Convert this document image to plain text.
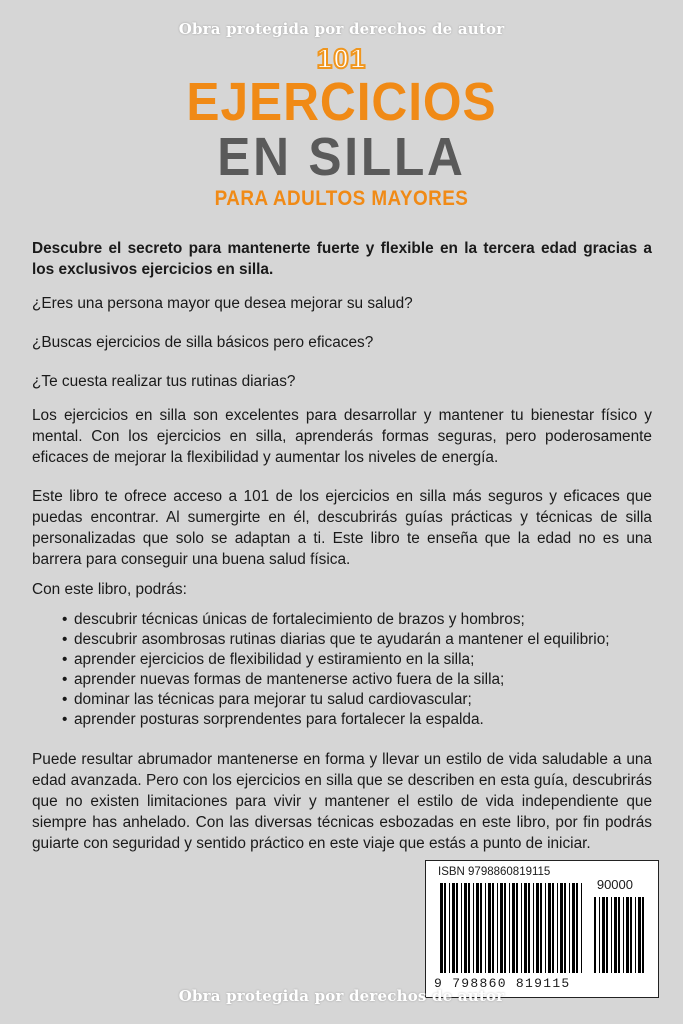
Obra protegida por derechos de autor
101
EJERCICIOS
EN SILLA
PARA ADULTOS MAYORES
Descubre el secreto para mantenerte fuerte y flexible en la tercera edad gracias a los exclusivos ejercicios en silla.
¿Eres una persona mayor que desea mejorar su salud?
¿Buscas ejercicios de silla básicos pero eficaces?
¿Te cuesta realizar tus rutinas diarias?
Los ejercicios en silla son excelentes para desarrollar y mantener tu bienestar físico y mental. Con los ejercicios en silla, aprenderás formas seguras, pero poderosamente eficaces de mejorar la flexibilidad y aumentar los niveles de energía.
Este libro te ofrece acceso a 101 de los ejercicios en silla más seguros y eficaces que puedas encontrar. Al sumergirte en él, descubrirás guías prácticas y técnicas de silla personalizadas que solo se adaptan a ti. Este libro te enseña que la edad no es una barrera para conseguir una buena salud física.
Con este libro, podrás:
• descubrir técnicas únicas de fortalecimiento de brazos y hombros;
• descubrir asombrosas rutinas diarias que te ayudarán a mantener el equilibrio;
• aprender ejercicios de flexibilidad y estiramiento en la silla;
• aprender nuevas formas de mantenerse activo fuera de la silla;
• dominar las técnicas para mejorar tu salud cardiovascular;
• aprender posturas sorprendentes para fortalecer la espalda.
Puede resultar abrumador mantenerse en forma y llevar un estilo de vida saludable a una edad avanzada. Pero con los ejercicios en silla que se describen en esta guía, descubrirás que no existen limitaciones para vivir y mantener el estilo de vida independiente que siempre has anhelado. Con las diversas técnicas esbozadas en este libro, por fin podrás guiarte con seguridad y sentido práctico en este viaje que estás a punto de iniciar.
ISBN 9798860819115
90000
9 798860 819115
Obra protegida por derechos de autor
